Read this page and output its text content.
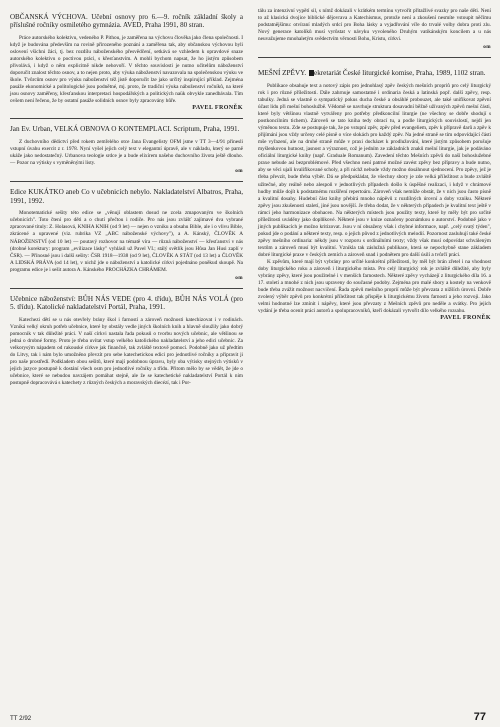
OBČANSKÁ VÝCHOVA. Učební osnovy pro 6.—9. ročník základní školy a příslušné ročníky osmiletého gymnázia. AVED, Praha 1991, 80 stran.

Práce autorského kolektivu, vedeného P. Pithou, je zaměřena na výchovu člověka jako člena společnosti. I když je budována především na rovině přirozeného poznání a zaměřena tak, aby občanskou výchovou byli oslovení všichni žáci, tj. bez rozdílu náboženského přesvědčení, setkává se vzhledem k opravdové snaze autorského kolektivu o poctivou práci, s křesťanstvím. A mohli bychom napsat, že ho jistým způsobem přivolává, i když o něm explicitně nikde nehovoří. V těchto souvislosti je nutno učitelům náboženství doporučit znalost těchto osnov, a to nejen proto, aby výuka náboženství navazovala na společenskou výuku ve škole. Tvůrcům osnov pro výuku náboženství též jistě doporučit lze jako určitý inspirující příklad. Zejména pasáže ekonomické a politologické jsou podnětné, mj. proto, že tradiční výuka náboženství ročníků, na které jsou osnovy zaměřeny, křesťanskou interpretaci hospodářských a politických naük obvykle zanedbávala. Tím ovšem není řečeno, že by ostatní pasáže solidních osnov byly zpracovány hůře.

PAVEL FRONĚK

Jan Ev. Urban, VELKÁ OBNOVA O KONTEMPLACI. Scriptum, Praha, 1991.

Z duchovního dědictví před rokem zemřelého otce Jana Evangelisty OFM jsme v TT 3—4/91 přinesli vstupní úvahu exercit z r. 1978. Nyní vyšel jejich celý text v elegantní úpravě, ale v nákladu, který se parně ukáže jako nedostatečný. Urbanova teologie srdce je a bude elixírem našeho duchovního života ještě dlouho. — Pozor na výtisky s vyměněnými listy.

om

Edice KUKÁTKO aneb Co v učebnicích nebylo. Nakladatelství Albatros, Praha, 1991, 1992.

Monotematické sešity této edice se „věnují oblastem dosud ne zcela zmapovaným ve školních učebnicích". Toto čtení pro děti a o chutí přečtou i rodiče. Pro nás jsou zvlášť zajímavé dva vybrané zpracované tituly: Z. Holasová, KNIHA KNIH (od 9 let) — nejen o vzniku a obsahu Bible, ale i o vlivu Bible, zkrácené a upravené (viz. rubrika VZ „ABC náboženské výchovy"), a A. Kánský, ČLOVĚK A NÁBOŽENSTVÍ (od 10 let) — poutavý rozhovor na tématě víra — různá náboženství — křesťanství v nás (drobné korektury: program „evilizace lásky" vyhlásil už Pavel VI.; stálý světlík jsou Hůsa Jan Husi zaplí v ČSR). — Přínosné jsou i další sešity: ČSR 1918—1938 (od 9 let), ČLOVĚK A STÁT (od 13 let) a ČLOVĚK A LIDSKÁ PRÁVA (od 14 let), v nichž jde o náboženství a katolické církvi pojednáno poněkud skoupě. Na programu edice je i sešit autora A. Kánského PROCHÁZKA CHRÁMEM.

om

Učebnice náboženství: BŮH NÁS VEDE (pro 4. třídu), BŮH NÁS VOLÁ (pro 5. třídu). Katolické nakladatelství Portál, Praha, 1991.

Katechezi dětí se u nás otevřely brány škol i farností a zároveň možnosti katechizovat i v rodinách. Vzniká velký okruh potřeb učebnice, které by obstály vedle jiných školních knih a hlavně sloužily jako dobrý pomocník v tak důležité práci. V naší církvi nastala řada pokusů o tvorbu nových učebnic, ale většinou se jedná o drobné formy. Proto je třeba uvítat vstup velkého katolického nakladatelství a jeho edici učebnic. Za velkorysým nápadem od rakouské církve jak finančně, tak zvláště textově pomocí. Podobně jako už předtím do Litvy, tak i nám bylo umožněno převzít pro sebe katechetickou edici pro jednotlivé ročníky a připravit ji pro naše prostředí. Podkladem obou sešitů, které mají podobnou úpravu, byly oba výtisky stejných výtisků v jejich jazyce postupně k dostání všech osm pro jednotlivé ročníky a třídu. Přitom mělo by se vědět, že jde o učebnice, které se nebudou navzájem pomáhat stejně, ale že se katechetické nakladatelství Portál k nim postupně dopracovává s katechety z různých českých a moravských diecézí, tak i Por-

tálu za intenzivní vypětí sil, s nímž dokázali v krátkém termínu vytvořit přitažlivé svazky pro naše děti. Není to až klasická dvojice biblické dějovrava a Katechismus, protože není a zkoušení nesmíte vstoupit něčímu podstatnějšímu: otvíraní mladých srdcí pro Boha lásky a vyjadřování víře do trvalé volby dobra proti zlu. Nový generace katolíků musí vyrůstat v návyku vyvoleného Druhým vatikánským koncilem a u nás neuvažujeme mnohaletým svědectvím věrnosti Bohu, Kristu, církvi.

om

MEŠNÍ ZPĚVY. ekretariát České liturgické komise, Praha, 1989, 1102 stran.

Publikace obsahuje text a notový zápis pro jednohlasý zpěv českých mešních propriů pro celý liturgický rok i pro různé příležitosti. Dále zahrnuje samostatné i ordinaria česká a latinská popř. další zpěvy, resp. tabulky. Jedná se vlastně o sympatický pokus ducha české a obsáhlé probouzet, ale také unifikovat zpěvní účast lidu při mešní bohoslužbě. Vědomě se navrhuje struktura dosavadní běžně užívaných zpěvů mešní části, které byly většinou vlastně vytvářeny pro potřeby předkoncilní liturgie (ne všechny se dobře shodují s postkoncilním tichem). Zároveň se tato kniha tedy obrací tu, a podle liturgických souvislostí, nejdi jen výměnou textu. Zde se postupuje tak, že po vstupní zpěv, zpěv před evangeliem, zpěv k přípravě darů a zpěv k přijímání jsou vždy určeny celé písně o více slokách pro každý zpěv. Na jedné straně se tím odpovídající části mše vyřazení, ale na druhé straně může v praxi docházet k prodlužování, které jistým způsobem porušuje myšlenkovou hutnost, jasnost a výraznost, což je jedním ze základních znaků mešní liturgie, jak je podáváno oficiální liturgické knihy (např. Graduale Romanum). Zavedení těchto Mešních zpěvů do naší bohoslužebné praxe nebude asi bezproblémové. Před všechno není patrné možné zavést zpěvy bez přípravy a bude nutno, aby se věci ujali kvalifikované scholy, a při nichž nebude vždy možno dosáhnout sjednocení. Pro zpěvy, jež je třeba převzít, bude třeba výběr. Dá se předpokládat, že všechny sbory je zde velká příležitost a bude zvláště užitečné, aby reálně nebo alespoň v jednotlivých případech došlo k úspěšné realizaci, i když v chrámové hudby může dojít k podstatnému rozšíření repertoáru. Zároveň však nemůže obstát, že v nich jsou často písně a kvalitní dosahy. Hudební část knihy přebírá mnoho nápěvů z rozdílných úrovní a doby vzniku. Některé zpěvy jsou zkušenosti staletí, jiné jsou novější. Je třeba dodat, že v některých případech je kvalitní text ještě v rámci jeho harmonizace obohacen. Na některých místech jsou použity texty, které by měly být pro určité příležitosti uváděny jako doplňkové. Některé jsou v knize označeny poznámkou o autorství. Podobně jako v jiných publikacích je možno kritizovat. Jsou v ní obsaženy však i chybné informace, např. „celý svatý týden", pokud jde o podání a některé texty, resp. o jejich původ z jednotlivých melodií. Pozornost zasluhují také české zpěvy mešního ordinaria: někdy jsou v rozporu s ordinálními texty; vždy však musí odpovídat schváleným textům a zároveň musí být kvalitní. Vznikla tak záslužná publikace, která se nepochybně stane základem dobré liturgické praxe v českých zemích a zároveň snad i podnětem pro další úsilí a tvůrčí práci.

K zpěvům, které mají být vybrány pro určité konkrétní příležitosti, by měl být brán zřetel i na vhodnost doby liturgického roku a zároveň i liturgického místa. Pro celý liturgický rok je zvláště důležité, aby byly vybrány zpěvy, které jsou použitelné i v menších farnostech. Některé zpěvy vycházejí z liturgického díla 16. a 17. století a mnohé z nich jsou upraveny do současné podoby. Zejména pro malé sbory a kostely na venkově bude třeba zvážit možnost nacvičení. Řada zpěvů mešního proprií může být převzata z nižších úrovní. Dobře zvolený výběr zpěvů pro konkrétní příležitost tak přispěje k liturgickému životu farnosti a jeho rozvoji. Jako velmi hodnotné lze zmínit i nápěvy, které jsou převzaty z Mešních zpěvů pro neděle a svátky. Pro jejich vydání je třeba ocenit práci autorů a spolupracovníků, kteří dokázali vytvořit dílo velkého rozsahu.

PAVEL FRONĚK

TT 2/92	77
